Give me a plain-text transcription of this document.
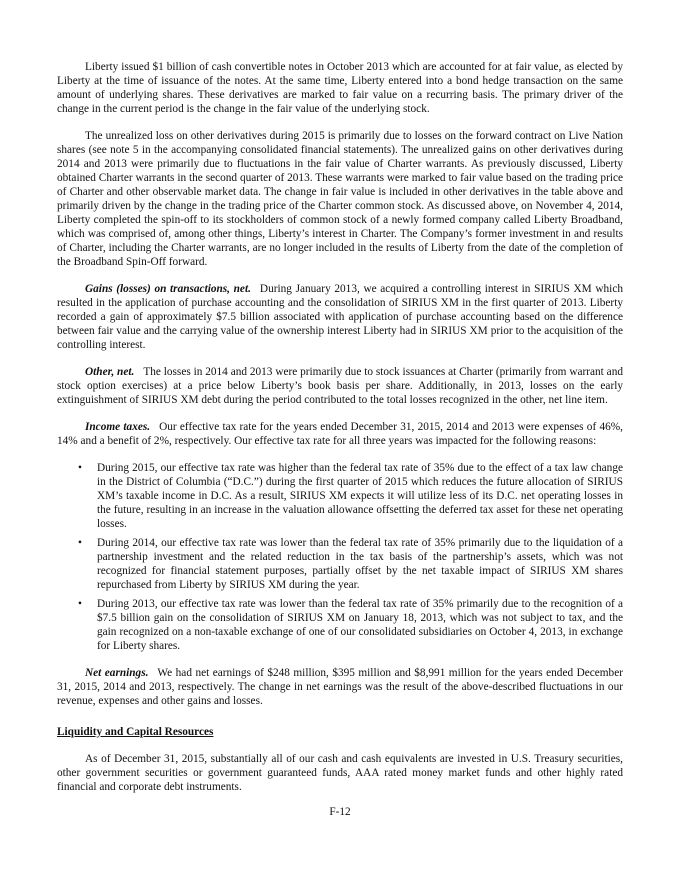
Liberty issued $1 billion of cash convertible notes in October 2013 which are accounted for at fair value, as elected by Liberty at the time of issuance of the notes. At the same time, Liberty entered into a bond hedge transaction on the same amount of underlying shares. These derivatives are marked to fair value on a recurring basis. The primary driver of the change in the current period is the change in the fair value of the underlying stock.

The unrealized loss on other derivatives during 2015 is primarily due to losses on the forward contract on Live Nation shares (see note 5 in the accompanying consolidated financial statements). The unrealized gains on other derivatives during 2014 and 2013 were primarily due to fluctuations in the fair value of Charter warrants. As previously discussed, Liberty obtained Charter warrants in the second quarter of 2013. These warrants were marked to fair value based on the trading price of Charter and other observable market data. The change in fair value is included in other derivatives in the table above and primarily driven by the change in the trading price of the Charter common stock. As discussed above, on November 4, 2014, Liberty completed the spin-off to its stockholders of common stock of a newly formed company called Liberty Broadband, which was comprised of, among other things, Liberty’s interest in Charter. The Company’s former investment in and results of Charter, including the Charter warrants, are no longer included in the results of Liberty from the date of the completion of the Broadband Spin-Off forward.

Gains (losses) on transactions, net. During January 2013, we acquired a controlling interest in SIRIUS XM which resulted in the application of purchase accounting and the consolidation of SIRIUS XM in the first quarter of 2013. Liberty recorded a gain of approximately $7.5 billion associated with application of purchase accounting based on the difference between fair value and the carrying value of the ownership interest Liberty had in SIRIUS XM prior to the acquisition of the controlling interest.

Other, net. The losses in 2014 and 2013 were primarily due to stock issuances at Charter (primarily from warrant and stock option exercises) at a price below Liberty’s book basis per share. Additionally, in 2013, losses on the early extinguishment of SIRIUS XM debt during the period contributed to the total losses recognized in the other, net line item.

Income taxes. Our effective tax rate for the years ended December 31, 2015, 2014 and 2013 were expenses of 46%, 14% and a benefit of 2%, respectively. Our effective tax rate for all three years was impacted for the following reasons:

• During 2015, our effective tax rate was higher than the federal tax rate of 35% due to the effect of a tax law change in the District of Columbia (“D.C.”) during the first quarter of 2015 which reduces the future allocation of SIRIUS XM’s taxable income in D.C. As a result, SIRIUS XM expects it will utilize less of its D.C. net operating losses in the future, resulting in an increase in the valuation allowance offsetting the deferred tax asset for these net operating losses.
• During 2014, our effective tax rate was lower than the federal tax rate of 35% primarily due to the liquidation of a partnership investment and the related reduction in the tax basis of the partnership’s assets, which was not recognized for financial statement purposes, partially offset by the net taxable impact of SIRIUS XM shares repurchased from Liberty by SIRIUS XM during the year.
• During 2013, our effective tax rate was lower than the federal tax rate of 35% primarily due to the recognition of a $7.5 billion gain on the consolidation of SIRIUS XM on January 18, 2013, which was not subject to tax, and the gain recognized on a non-taxable exchange of one of our consolidated subsidiaries on October 4, 2013, in exchange for Liberty shares.

Net earnings. We had net earnings of $248 million, $395 million and $8,991 million for the years ended December 31, 2015, 2014 and 2013, respectively. The change in net earnings was the result of the above-described fluctuations in our revenue, expenses and other gains and losses.

Liquidity and Capital Resources

As of December 31, 2015, substantially all of our cash and cash equivalents are invested in U.S. Treasury securities, other government securities or government guaranteed funds, AAA rated money market funds and other highly rated financial and corporate debt instruments.

F-12
